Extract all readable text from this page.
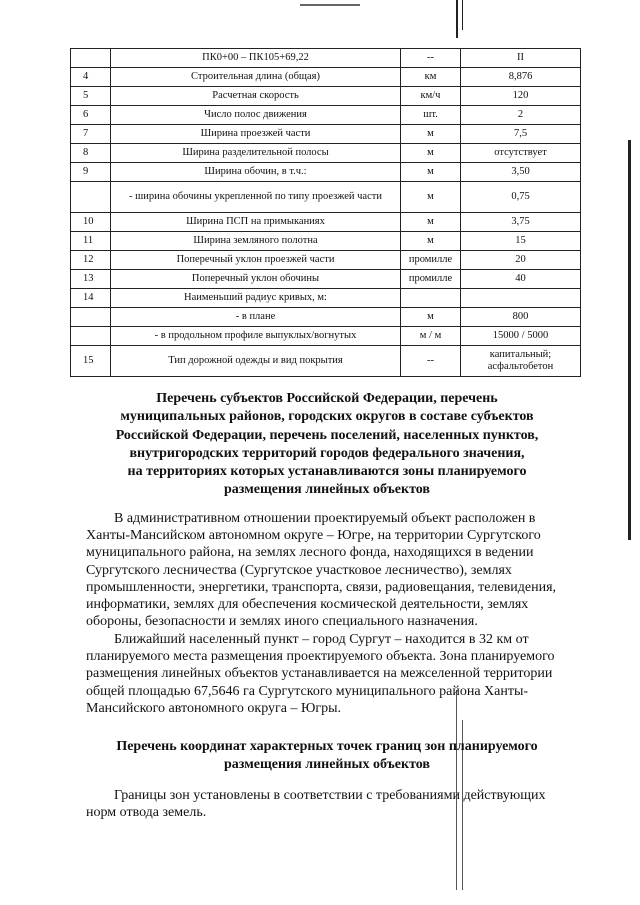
	ПК0+00 – ПК105+69,22	--	II
4	Строительная длина (общая)	км	8,876
5	Расчетная скорость	км/ч	120
6	Число полос движения	шт.	2
7	Ширина проезжей части	м	7,5
8	Ширина разделительной полосы	м	отсутствует
9	Ширина обочин, в т.ч.:	м	3,50
	- ширина обочины укрепленной по типу проезжей части	м	0,75
10	Ширина ПСП на примыканиях	м	3,75
11	Ширина земляного полотна	м	15
12	Поперечный уклон проезжей части	промилле	20
13	Поперечный уклон обочины	промилле	40
14	Наименьший радиус кривых, м:		
	- в плане	м	800
	- в продольном профиле выпуклых/вогнутых	м / м	15000 / 5000
15	Тип дорожной одежды и вид покрытия	--	капитальный; асфальтобетон
Перечень субъектов Российской Федерации, перечень
муниципальных районов, городских округов в составе субъектов
Российской Федерации, перечень поселений, населенных пунктов,
внутригородских территорий городов федерального значения,
на территориях которых устанавливаются зоны планируемого
размещения линейных объектов
В административном отношении проектируемый объект расположен в
Ханты-Мансийском автономном округе – Югре, на территории Сургутского
муниципального района, на землях лесного фонда, находящихся в ведении
Сургутского лесничества (Сургутское участковое лесничество), землях
промышленности, энергетики, транспорта, связи, радиовещания, телевидения,
информатики, землях для обеспечения космической деятельности, землях
обороны, безопасности и землях иного специального назначения.
Ближайший населенный пункт – город Сургут – находится в 32 км от
планируемого места размещения проектируемого объекта. Зона планируемого
размещения линейных объектов устанавливается на межселенной территории
общей площадью 67,5646 га Сургутского муниципального района Ханты-
Мансийского автономного округа – Югры.
Перечень координат характерных точек границ зон планируемого
размещения линейных объектов
Границы зон установлены в соответствии с требованиями действующих
норм отвода земель.
